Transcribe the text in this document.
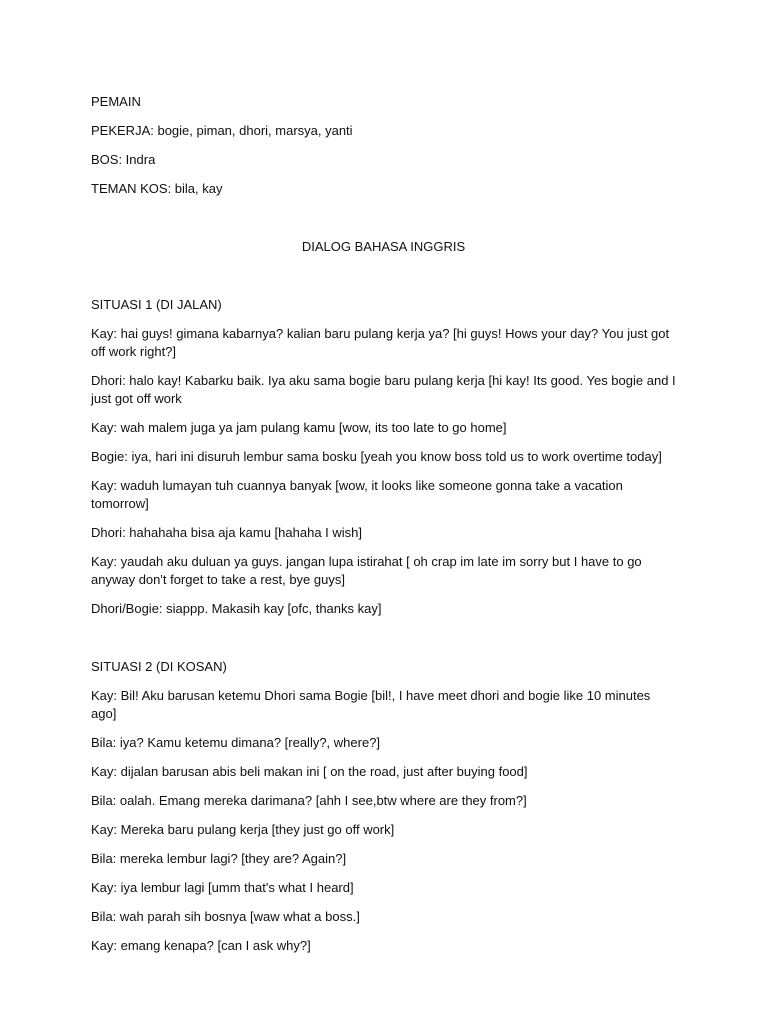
PEMAIN

PEKERJA: bogie, piman, dhori, marsya, yanti

BOS: Indra

TEMAN KOS: bila, kay

DIALOG BAHASA INGGRIS

SITUASI 1 (DI JALAN)

Kay: hai guys! gimana kabarnya? kalian baru pulang kerja ya? [hi guys! Hows your day? You just got off work right?]

Dhori: halo kay! Kabarku baik. Iya aku sama bogie baru pulang kerja [hi kay! Its good. Yes bogie and I just got off work

Kay: wah malem juga ya jam pulang kamu [wow, its too late to go home]

Bogie: iya, hari ini disuruh lembur sama bosku [yeah you know boss told us to work overtime today]

Kay: waduh lumayan tuh cuannya banyak [wow, it looks like someone gonna take a vacation tomorrow]

Dhori: hahahaha bisa aja kamu [hahaha I wish]

Kay: yaudah aku duluan ya guys. jangan lupa istirahat [ oh crap im late im sorry but I have to go anyway don't forget to take a rest, bye guys]

Dhori/Bogie: siappp. Makasih kay [ofc, thanks kay]

SITUASI 2 (DI KOSAN)

Kay: Bil! Aku barusan ketemu Dhori sama Bogie [bil!, I have meet dhori and bogie like 10 minutes ago]

Bila: iya? Kamu ketemu dimana? [really?, where?]

Kay: dijalan barusan abis beli makan ini [ on the road, just after buying food]

Bila: oalah. Emang mereka darimana? [ahh I see,btw where are they from?]

Kay: Mereka baru pulang kerja [they just go off work]

Bila: mereka lembur lagi? [they are? Again?]

Kay: iya lembur lagi [umm that's what I heard]

Bila: wah parah sih bosnya [waw what a boss.]

Kay: emang kenapa? [can I ask why?]
